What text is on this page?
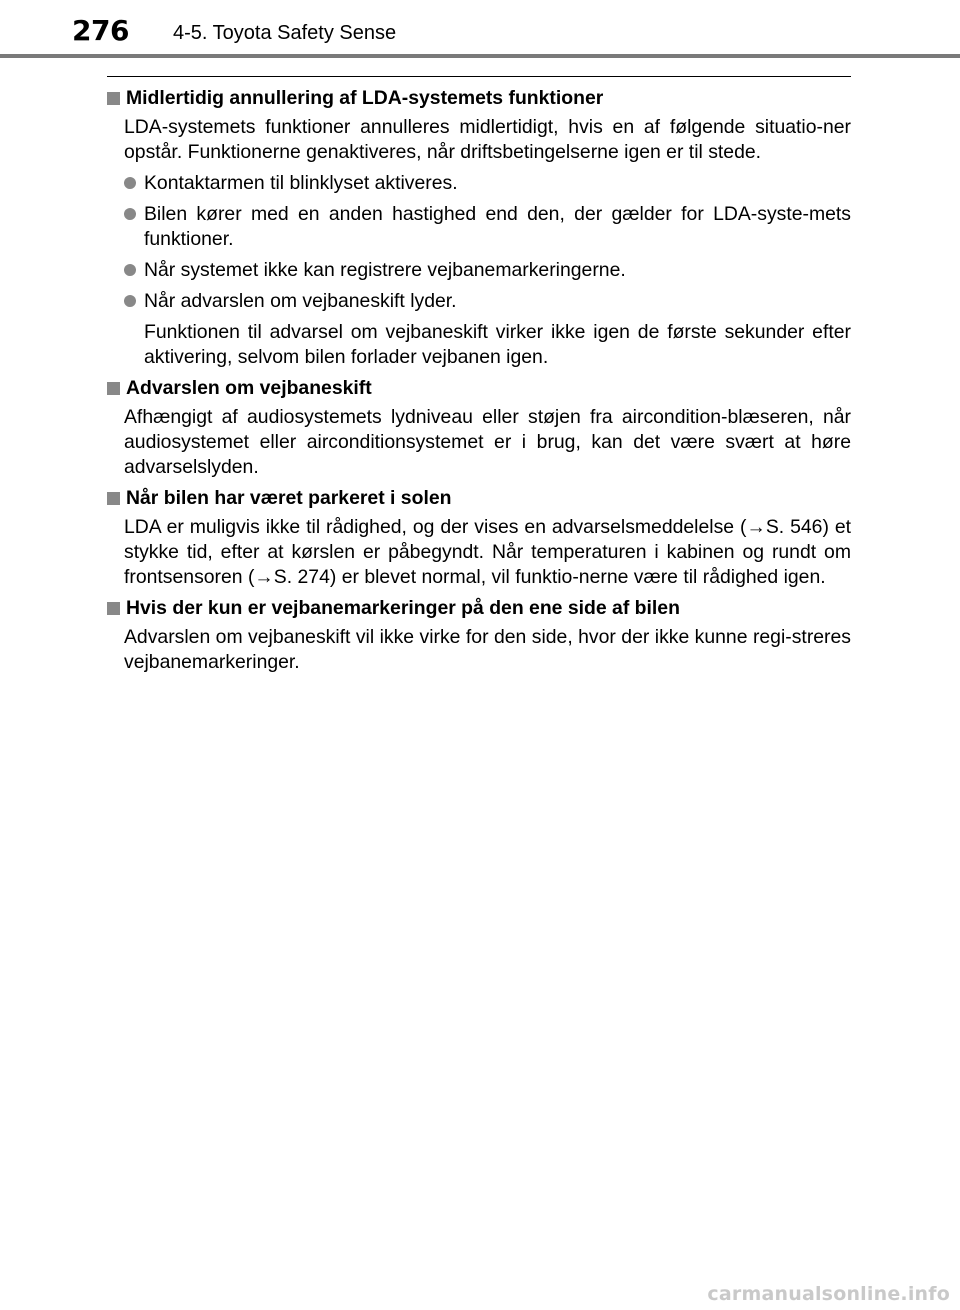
276 4-5. Toyota Safety Sense
Midlertidig annullering af LDA-systemets funktioner
LDA-systemets funktioner annulleres midlertidigt, hvis en af følgende situatio-ner opstår. Funktionerne genaktiveres, når driftsbetingelserne igen er til stede.
Kontaktarmen til blinklyset aktiveres.
Bilen kører med en anden hastighed end den, der gælder for LDA-syste-mets funktioner.
Når systemet ikke kan registrere vejbanemarkeringerne.
Når advarslen om vejbaneskift lyder.
Funktionen til advarsel om vejbaneskift virker ikke igen de første sekunder efter aktivering, selvom bilen forlader vejbanen igen.
Advarslen om vejbaneskift
Afhængigt af audiosystemets lydniveau eller støjen fra aircondition-blæseren, når audiosystemet eller airconditionsystemet er i brug, kan det være svært at høre advarselslyden.
Når bilen har været parkeret i solen
LDA er muligvis ikke til rådighed, og der vises en advarselsmeddelelse (→S. 546) et stykke tid, efter at kørslen er påbegyndt. Når temperaturen i kabinen og rundt om frontsensoren (→S. 274) er blevet normal, vil funktio-nerne være til rådighed igen.
Hvis der kun er vejbanemarkeringer på den ene side af bilen
Advarslen om vejbaneskift vil ikke virke for den side, hvor der ikke kunne regi-streres vejbanemarkeringer.
carmanualsonline.info
